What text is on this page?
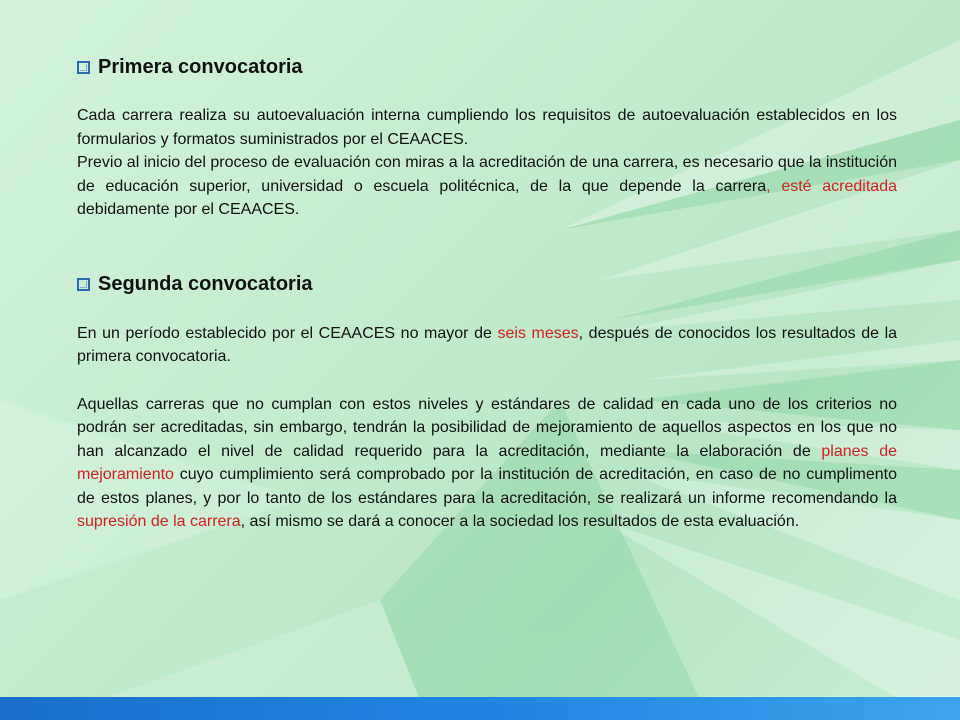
Primera convocatoria

Cada carrera realiza su autoevaluación interna cumpliendo los requisitos de autoevaluación establecidos en los formularios y formatos suministrados por el CEAACES.

Previo al inicio del proceso de evaluación con miras a la acreditación de una carrera, es necesario que la institución de educación superior, universidad o escuela politécnica, de la que depende la carrera, esté acreditada debidamente por el CEAACES.

Segunda convocatoria

En un período establecido por el CEAACES no mayor de seis meses, después de conocidos los resultados de la primera convocatoria.

Aquellas carreras que no cumplan con estos niveles y estándares de calidad en cada uno de los criterios no podrán ser acreditadas, sin embargo, tendrán la posibilidad de mejoramiento de aquellos aspectos en los que no han alcanzado el nivel de calidad requerido para la acreditación, mediante la elaboración de planes de mejoramiento cuyo cumplimiento será comprobado por la institución de acreditación, en caso de no cumplimento de estos planes, y por lo tanto de los estándares para la acreditación, se realizará un informe recomendando la supresión de la carrera, así mismo se dará a conocer a la sociedad los resultados de esta evaluación.
